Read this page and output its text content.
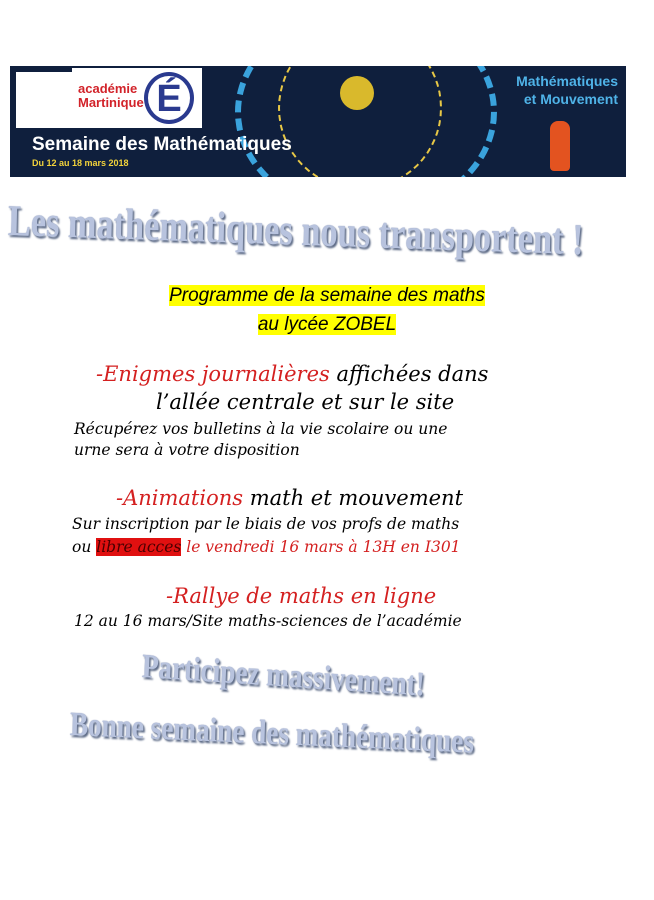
académie
Martinique É
Semaine des Mathématiques
Du 12 au 18 mars 2018
Mathématiques
et Mouvement
Les mathématiques nous transportent !
Programme de la semaine des maths
au lycée ZOBEL
-Enigmes journalières affichées dans
l’allée centrale et sur le site
Récupérez vos bulletins à la vie scolaire ou une
urne sera à votre disposition
-Animations math et mouvement
Sur inscription par le biais de vos profs de maths
ou libre acces le vendredi 16 mars à 13H en I301
-Rallye de maths en ligne
12 au 16 mars/Site maths-sciences de l’académie
Participez massivement!
Bonne semaine des mathématiques
